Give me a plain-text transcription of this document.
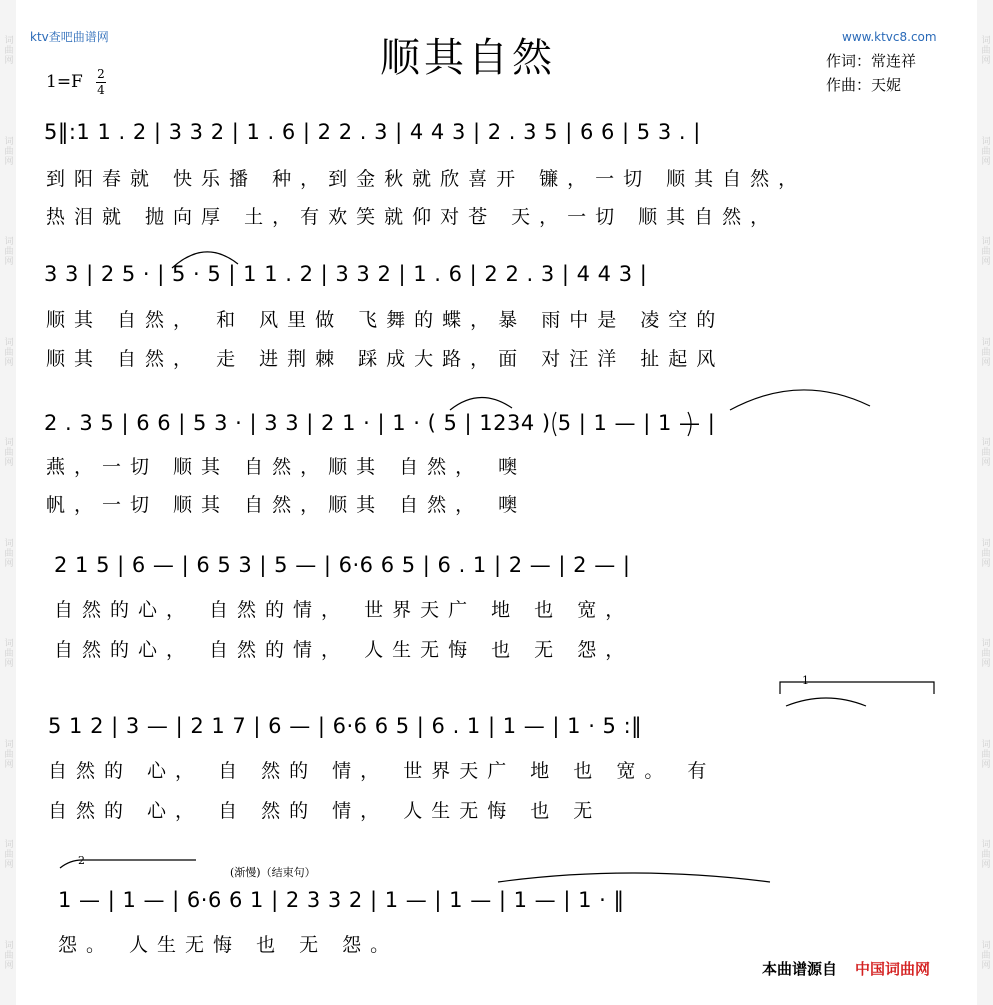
词曲网
词曲网
词曲网
词曲网
词曲网
词曲网
词曲网
词曲网
词曲网
词曲网
词曲网
词曲网
词曲网
词曲网
词曲网
词曲网
词曲网
词曲网
词曲网
词曲网
ktv查吧曲谱网	www.ktvc8.com
顺其自然	作词：常连祥
作曲：天妮
1=F 2
4
5‖:1 1 . 2 | 3 3 2 | 1 . 6 | 2 2 . 3 | 4 4 3 | 2 . 3 5 | 6 6 | 5 3 . |
到阳春就 快乐播 种，到金秋就欣喜开 镰，一切 顺其自然，
热泪就 抛向厚 土，有欢笑就仰对苍 天，一切 顺其自然，
3 3 | 2 5 · | 5 · 5 | 1 1 . 2 | 3 3 2 | 1 . 6 | 2 2 . 3 | 4 4 3 |
顺其 自然， 和 风里做 飞舞的蝶，暴 雨中是 凌空的
顺其 自然， 走 进荆棘 踩成大路，面 对汪洋 扯起风
2 . 3 5 | 6 6 | 5 3 · | 3 3 | 2 1 · | 1 · ( 5 | 1234 ) 5 | 1 — | 1 — |
燕，一切 顺其 自然，顺其 自然， 噢
帆，一切 顺其 自然，顺其 自然， 噢
2 1 5 | 6 — | 6 5 3 | 5 — | 6·6 6 5 | 6 . 1 | 2 — | 2 — |
自然的心， 自然的情， 世界天广 地 也 宽，
自然的心， 自然的情， 人生无悔 也 无 怨，
1
5 1 2 | 3 — | 2 1 7 | 6 — | 6·6 6 5 | 6 . 1 | 1 — | 1 · 5 :‖
自然的 心， 自 然的 情， 世界天广 地 也 宽。 有
自然的 心， 自 然的 情， 人生无悔 也 无
2
(渐慢)（结束句）
1 — | 1 — | 6·6 6 1 | 2 3 3 2 | 1 — | 1 — | 1 — | 1 · ‖
怨。 人生无悔 也 无 怨。
本曲谱源自 中国词曲网
